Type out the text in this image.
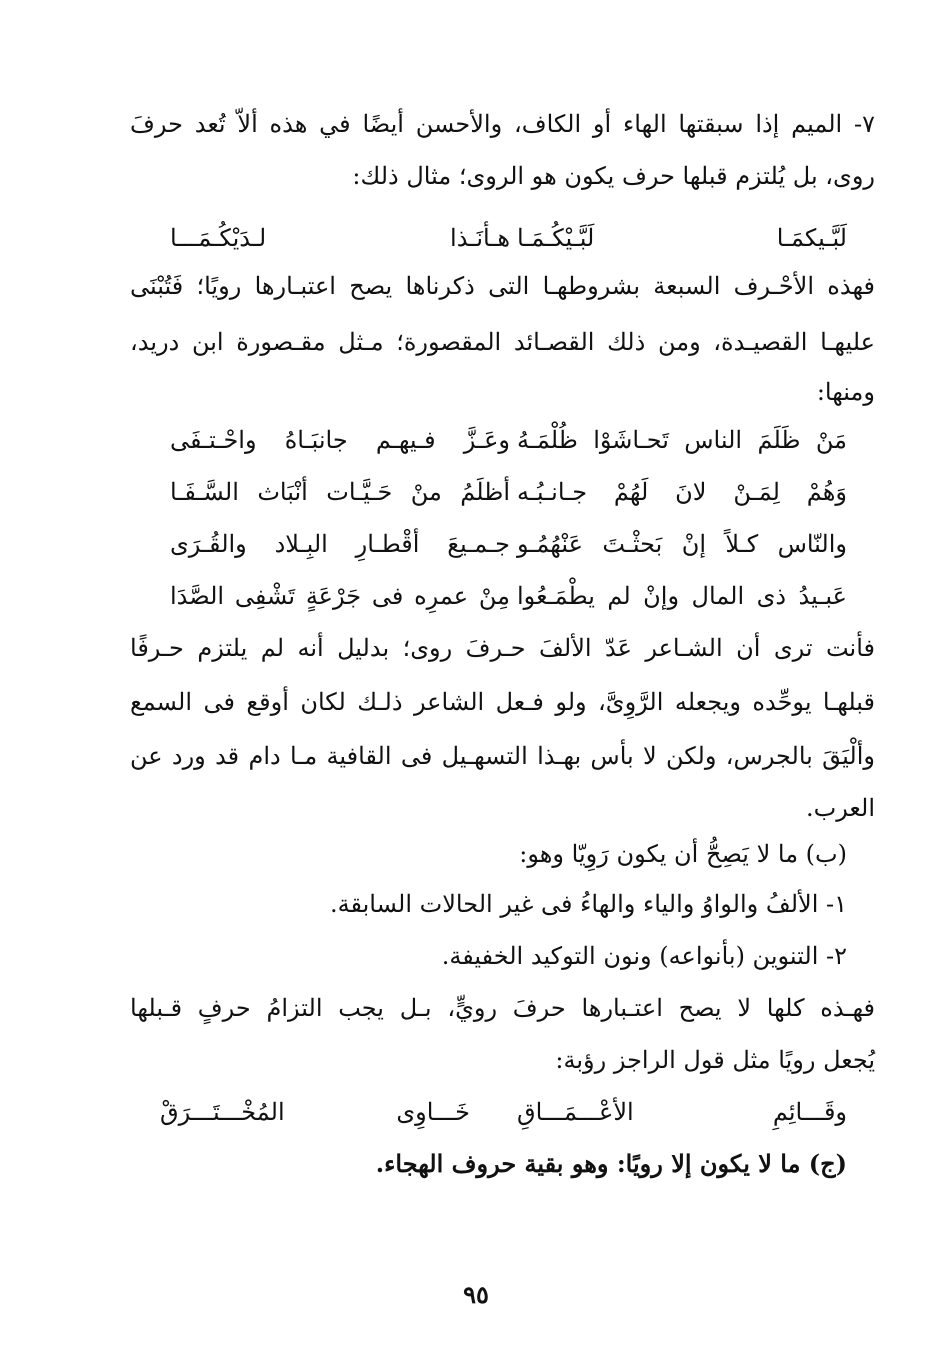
٧- الميم إذا سبقتها الهاء أو الكاف، والأحسن أيضًا في هذه ألاّ تُعد حرفَ
روى، بل يُلتزم قبلها حرف يكون هو الروى؛ مثال ذلك:
لَبَّـيكمَـا لَبَّـيْكُـمَـا
هـأنَـذا لـدَيْكُـمَـــا
فهذه الأحْـرف السبعة بشروطهـا التى ذكرناها يصح اعتبـارها رويًا؛ فَتُبْنَى
عليهـا القصيـدة، ومن ذلك القصـائد المقصورة؛ مـثل مقـصورة ابن دريد،
ومنها:
مَنْ ظَلَمَ الناس تَحـاشَوْا ظُلْمَـهُ
وعَـزَّ فـيهـم جانبَـاهُ واحْـتـفَى
وَهُمْ لِمَـنْ لانَ لَهُمْ جـانـبُـه
أظلَمُ منْ حَـيَّـات أنْبَاث السَّـفَـا
والنّاس كـلاً إنْ بَحثْـتَ عَنْهُمُـو
جـمـيعَ أقْطـارِ البِـلاد والقُـرَى
عَبـيدُ ذى المال وإنْ لم يطْمَـعُوا
مِنْ عمرِه فى جَرْعَةٍ تَشْفِى الصَّدَا
فأنت ترى أن الشـاعر عَدّ الألفَ حـرفَ روى؛ بدليل أنه لم يلتزم حـرفًا
قبلهـا يوحِّده ويجعله الرَّوِىَّ، ولو فـعل الشاعر ذلـك لكان أوقع فى السمع
وألْيَقَ بالجرس، ولكن لا بأس بهـذا التسهـيل فى القافية مـا دام قد ورد عن
العرب.
(ب) ما لا يَصِحُّ أن يكون رَوِيّا وهو:
١- الألفُ والواوُ والياء والهاءُ فى غير الحالات السابقة.
٢- التنوين (بأنواعه) ونون التوكيد الخفيفة.
فهـذه كلها لا يصح اعتـبارها حرفَ رويٍّ، بـل يجب التزامُ حرفٍ قـبلها
يُجعل رويًا مثل قول الراجز رؤبة:
وقَـــائِمِ الأعْـــمَـــاقِ
خَـــاوِى المُخْـــتَـــرَقْ
(ج) ما لا يكون إلا رويًا: وهو بقية حروف الهجاء.
٩٥
